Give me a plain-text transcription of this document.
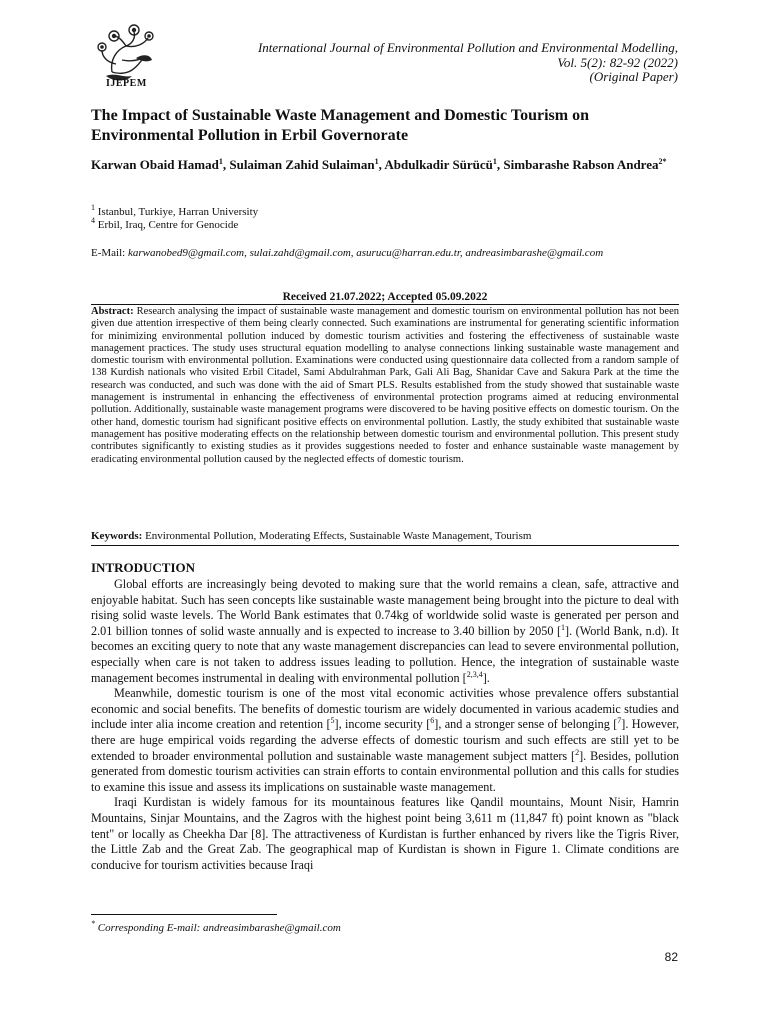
IJEPEM
International Journal of Environmental Pollution and Environmental Modelling,
Vol. 5(2): 82-92 (2022)
(Original Paper)
The Impact of Sustainable Waste Management and Domestic Tourism on Environmental Pollution in Erbil Governorate
Karwan Obaid Hamad$^1$, Sulaiman Zahid Sulaiman$^1$, Abdulkadir Sürücü$^1$, Simbarashe Rabson Andrea$^{2*}$
$^1$ Istanbul, Turkiye, Harran University
$^4$ Erbil, Iraq, Centre for Genocide
E-Mail: karwanobed9@gmail.com, sulai.zahd@gmail.com, asurucu@harran.edu.tr, andreasimbarashe@gmail.com
Received 21.07.2022; Accepted 05.09.2022
Abstract: Research analysing the impact of sustainable waste management and domestic tourism on environmental pollution has not been given due attention irrespective of them being clearly connected. Such examinations are instrumental for generating scientific information for minimizing environmental pollution induced by domestic tourism activities and fostering the effectiveness of sustainable waste management practices. The study uses structural equation modelling to analyse connections linking sustainable waste management and domestic tourism with environmental pollution. Examinations were conducted using questionnaire data collected from a random sample of 138 Kurdish nationals who visited Erbil Citadel, Sami Abdulrahman Park, Gali Ali Bag, Shanidar Cave and Sakura Park at the time the research was conducted, and such was done with the aid of Smart PLS. Results established from the study showed that sustainable waste management is instrumental in enhancing the effectiveness of environmental protection programs aimed at reducing environmental pollution. Additionally, sustainable waste management programs were discovered to be having positive effects on domestic tourism. On the other hand, domestic tourism had significant positive effects on environmental pollution. Lastly, the study exhibited that sustainable waste management has positive moderating effects on the relationship between domestic tourism and environmental pollution. This present study contributes significantly to existing studies as it provides suggestions needed to foster and enhance sustainable waste management by eradicating environmental pollution caused by the neglected effects of domestic tourism.
Keywords: Environmental Pollution, Moderating Effects, Sustainable Waste Management, Tourism
INTRODUCTION

Global efforts are increasingly being devoted to making sure that the world remains a clean, safe, attractive and enjoyable habitat. Such has seen concepts like sustainable waste management being brought into the picture to deal with rising solid waste levels. The World Bank estimates that 0.74kg of worldwide solid waste is generated per person and 2.01 billion tonnes of solid waste annually and is expected to increase to 3.40 billion by 2050 [$^1$]. (World Bank, n.d). It becomes an exciting query to note that any waste management discrepancies can lead to severe environmental pollution, especially when care is not taken to address issues leading to pollution. Hence, the integration of sustainable waste management becomes instrumental in dealing with environmental pollution [$^{2,3,4}$].

Meanwhile, domestic tourism is one of the most vital economic activities whose prevalence offers substantial economic and social benefits. The benefits of domestic tourism are widely documented in various academic studies and include inter alia income creation and retention [$^5$], income security [$^6$], and a stronger sense of belonging [$^7$]. However, there are huge empirical voids regarding the adverse effects of domestic tourism and such effects are still yet to be extended to broader environmental pollution and sustainable waste management subject matters [$^2$]. Besides, pollution generated from domestic tourism activities can strain efforts to contain environmental pollution and this calls for studies to examine this issue and assess its implications on sustainable waste management.

Iraqi Kurdistan is widely famous for its mountainous features like Qandil mountains, Mount Nisir, Hamrin Mountains, Sinjar Mountains, and the Zagros with the highest point being 3,611 m (11,847 ft) point known as "black tent" or locally as Cheekha Dar [8]. The attractiveness of Kurdistan is further enhanced by rivers like the Tigris River, the Little Zab and the Great Zab. The geographical map of Kurdistan is shown in Figure 1. Climate conditions are conducive for tourism activities because Iraqi

* Corresponding E-mail: andreasimbarashe@gmail.com
82
